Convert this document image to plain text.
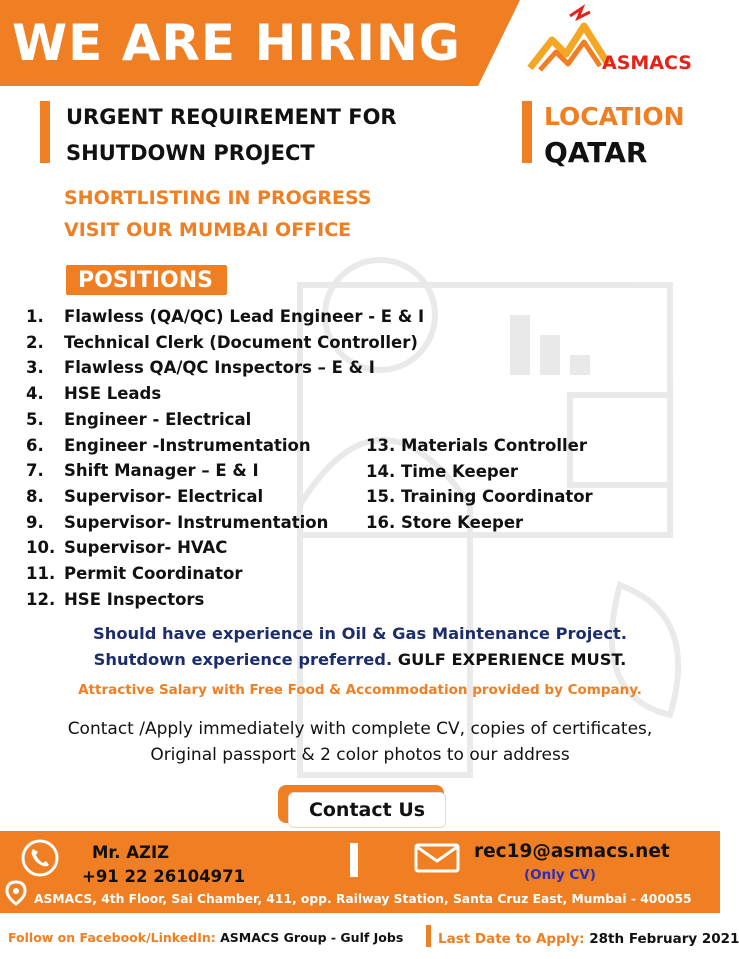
WE ARE HIRING	ASMACS
URGENT REQUIREMENT FOR
SHUTDOWN PROJECT
LOCATION
QATAR
SHORTLISTING IN PROGRESS
VISIT OUR MUMBAI OFFICE
POSITIONS
1. Flawless (QA/QC) Lead Engineer - E & I
2. Technical Clerk (Document Controller)
3. Flawless QA/QC Inspectors – E & I
4. HSE Leads
5. Engineer - Electrical
6. Engineer -Instrumentation
7. Shift Manager – E & I
8. Supervisor- Electrical
9. Supervisor- Instrumentation
10. Supervisor- HVAC
11. Permit Coordinator
12. HSE Inspectors
13. Materials Controller
14. Time Keeper
15. Training Coordinator
16. Store Keeper
Should have experience in Oil & Gas Maintenance Project.
Shutdown experience preferred. GULF EXPERIENCE MUST.
Attractive Salary with Free Food & Accommodation provided by Company.
Contact /Apply immediately with complete CV, copies of certificates,
Original passport & 2 color photos to our address
Contact Us
Mr. AZIZ
+91 22 26104971
rec19@asmacs.net
(Only CV)
ASMACS, 4th Floor, Sai Chamber, 411, opp. Railway Station, Santa Cruz East, Mumbai - 400055
Follow on Facebook/LinkedIn: ASMACS Group - Gulf Jobs	Last Date to Apply: 28th February 2021
